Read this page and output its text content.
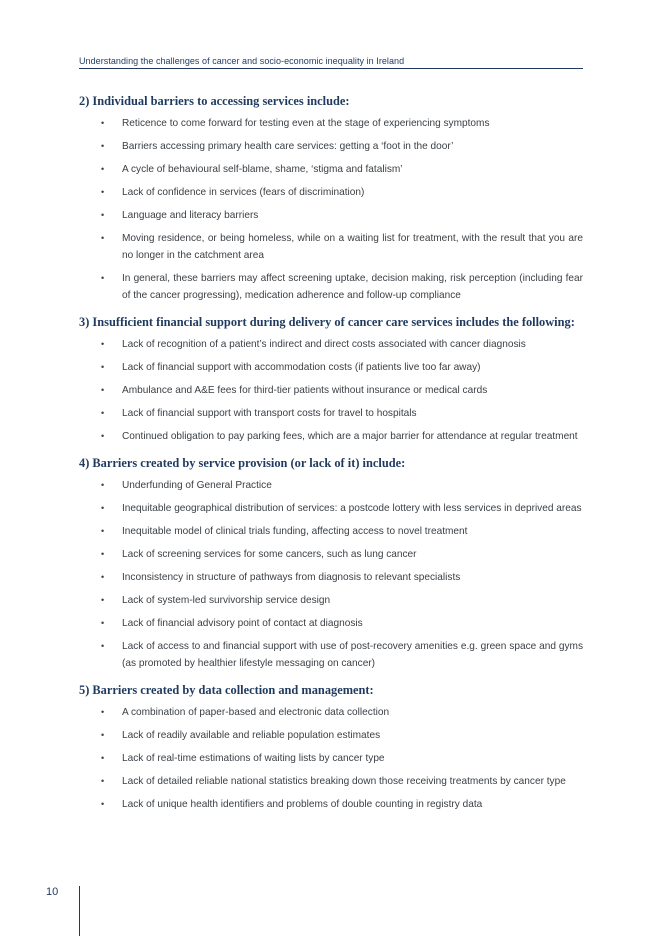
Understanding the challenges of cancer and socio-economic inequality in Ireland
2) Individual barriers to accessing services include:
• Reticence to come forward for testing even at the stage of experiencing symptoms
• Barriers accessing primary health care services: getting a ‘foot in the door’
• A cycle of behavioural self-blame, shame, ‘stigma and fatalism’
• Lack of confidence in services (fears of discrimination)
• Language and literacy barriers
• Moving residence, or being homeless, while on a waiting list for treatment, with the result that you are no longer in the catchment area
• In general, these barriers may affect screening uptake, decision making, risk perception (including fear of the cancer progressing), medication adherence and follow-up compliance
3) Insufficient financial support during delivery of cancer care services includes the following:
• Lack of recognition of a patient’s indirect and direct costs associated with cancer diagnosis
• Lack of financial support with accommodation costs (if patients live too far away)
• Ambulance and A&E fees for third-tier patients without insurance or medical cards
• Lack of financial support with transport costs for travel to hospitals
• Continued obligation to pay parking fees, which are a major barrier for attendance at regular treatment
4) Barriers created by service provision (or lack of it) include:
• Underfunding of General Practice
• Inequitable geographical distribution of services: a postcode lottery with less services in deprived areas
• Inequitable model of clinical trials funding, affecting access to novel treatment
• Lack of screening services for some cancers, such as lung cancer
• Inconsistency in structure of pathways from diagnosis to relevant specialists
• Lack of system-led survivorship service design
• Lack of financial advisory point of contact at diagnosis
• Lack of access to and financial support with use of post-recovery amenities e.g. green space and gyms (as promoted by healthier lifestyle messaging on cancer)
5) Barriers created by data collection and management:
• A combination of paper-based and electronic data collection
• Lack of readily available and reliable population estimates
• Lack of real-time estimations of waiting lists by cancer type
• Lack of detailed reliable national statistics breaking down those receiving treatments by cancer type
• Lack of unique health identifiers and problems of double counting in registry data
10
